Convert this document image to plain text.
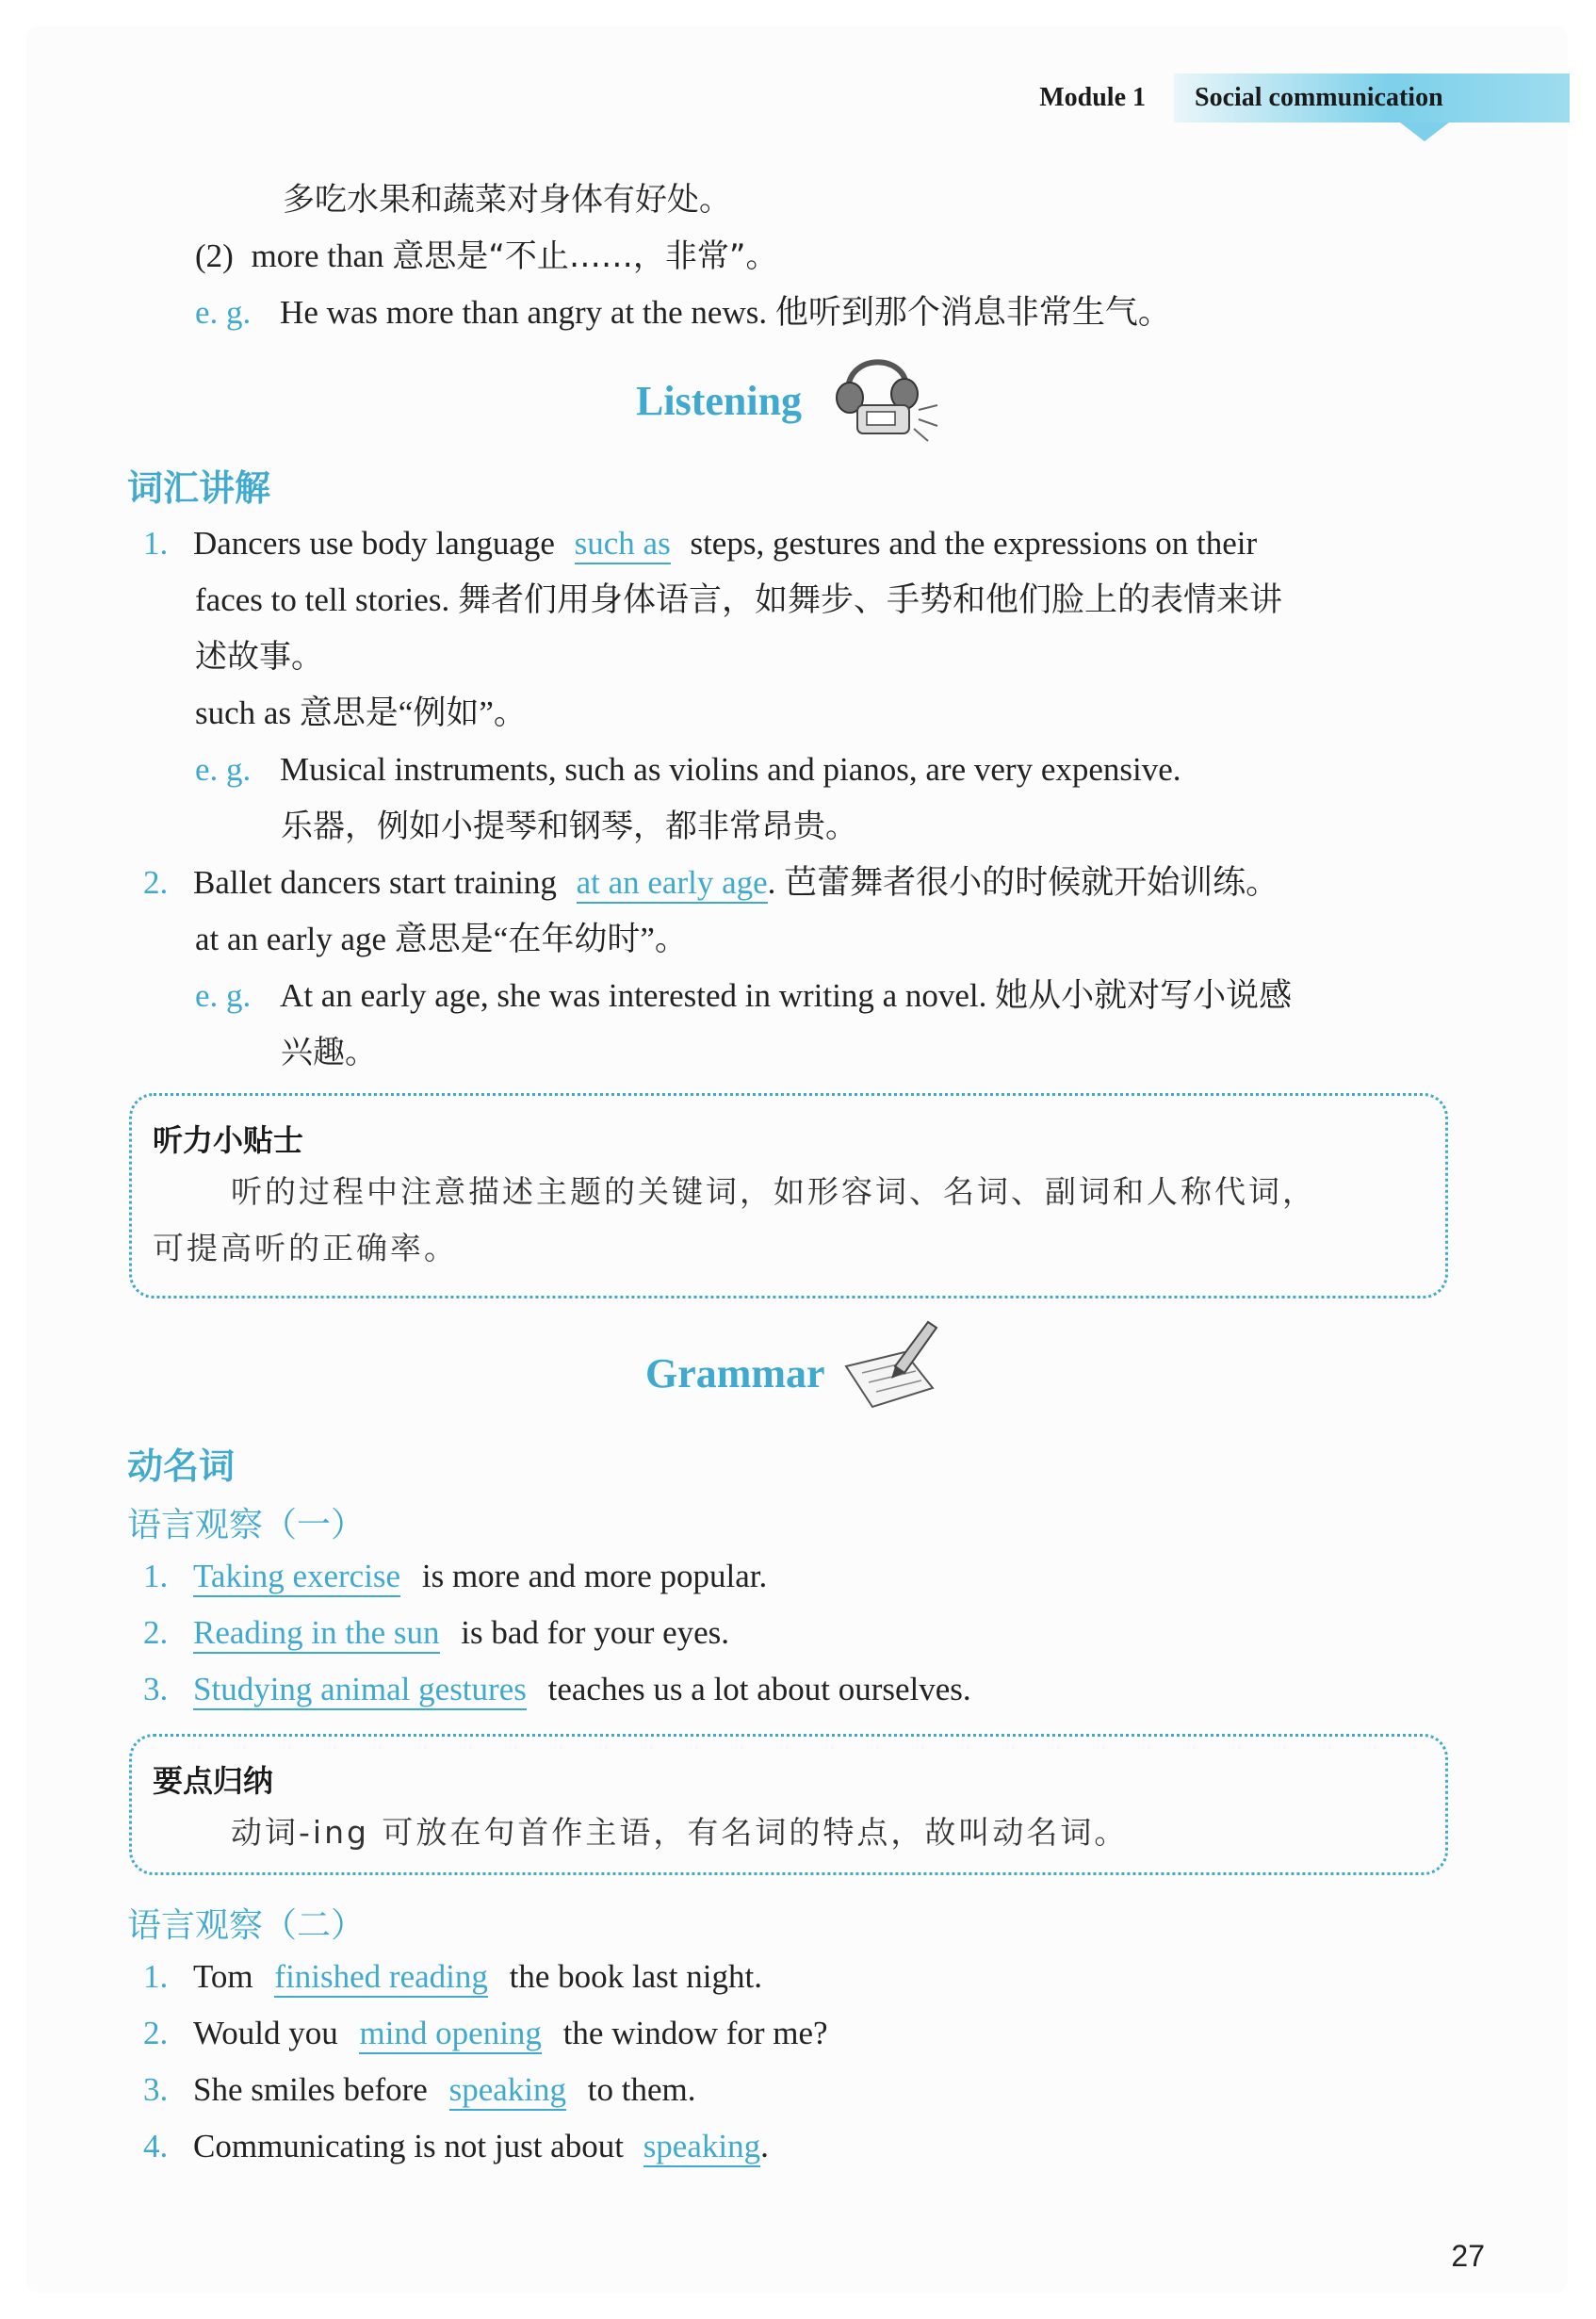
Module 1 Social communication
多吃水果和蔬菜对身体有好处。
(2) more than 意思是“不止……，非常”。
e. g. He was more than angry at the news. 他听到那个消息非常生气。
Listening
词汇讲解
1. Dancers use body language such as steps, gestures and the expressions on their
faces to tell stories. 舞者们用身体语言，如舞步、手势和他们脸上的表情来讲
述故事。
such as 意思是“例如”。
e. g. Musical instruments, such as violins and pianos, are very expensive.
乐器，例如小提琴和钢琴，都非常昂贵。
2. Ballet dancers start training at an early age. 芭蕾舞者很小的时候就开始训练。
at an early age 意思是“在年幼时”。
e. g. At an early age, she was interested in writing a novel. 她从小就对写小说感
兴趣。
听力小贴士
听的过程中注意描述主题的关键词，如形容词、名词、副词和人称代词，
可提高听的正确率。
Grammar
动名词
语言观察（一）
1. Taking exercise is more and more popular.
2. Reading in the sun is bad for your eyes.
3. Studying animal gestures teaches us a lot about ourselves.
要点归纳
动词-ing 可放在句首作主语，有名词的特点，故叫动名词。
语言观察（二）
1. Tom finished reading the book last night.
2. Would you mind opening the window for me?
3. She smiles before speaking to them.
4. Communicating is not just about speaking.
27
